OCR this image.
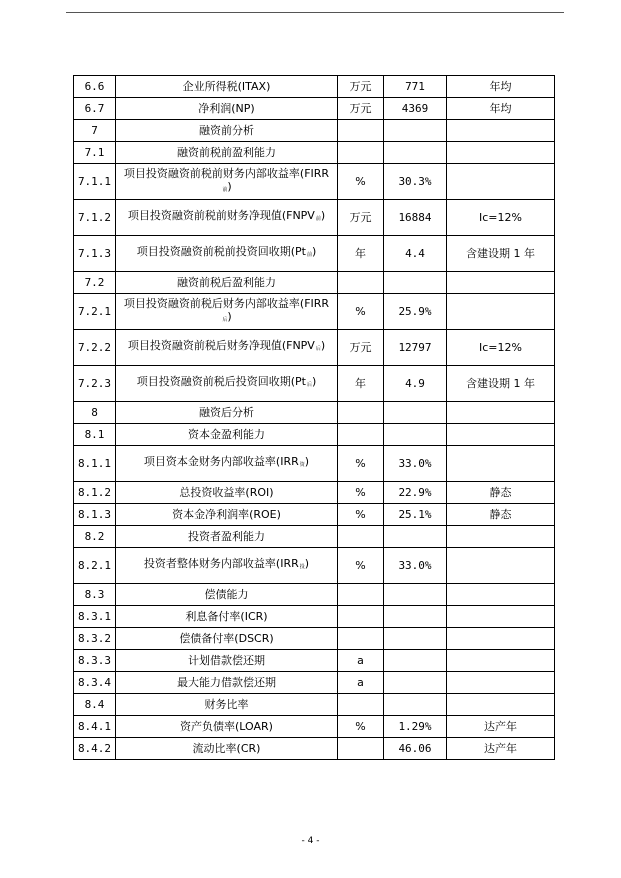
6.6	企业所得税(ITAX)	万元	771	年均
6.7	净利润(NP)	万元	4369	年均
7	融资前分析			
7.1	融资前税前盈利能力			
7.1.1	项目投资融资前税前财务内部收益率$(FIRR_前)$	%	30.3%	
7.1.2	项目投资融资前税前财务净现值$(FNPV_前)$	万元	16884	Ic=12%
7.1.3	项目投资融资前税前投资回收期$(Pt_前)$	年	4.4	含建设期 1 年
7.2	融资前税后盈利能力			
7.2.1	项目投资融资前税后财务内部收益率$(FIRR_后)$	%	25.9%	
7.2.2	项目投资融资前税后财务净现值$(FNPV_后)$	万元	12797	Ic=12%
7.2.3	项目投资融资前税后投资回收期$(Pt_后)$	年	4.9	含建设期 1 年
8	融资后分析			
8.1	资本金盈利能力			
8.1.1	项目资本金财务内部收益率$(IRR_资)$	%	33.0%	
8.1.2	总投资收益率(ROI)	%	22.9%	静态
8.1.3	资本金净利润率(ROE)	%	25.1%	静态
8.2	投资者盈利能力			
8.2.1	投资者整体财务内部收益率$(IRR_投)$	%	33.0%	
8.3	偿债能力			
8.3.1	利息备付率(ICR)			
8.3.2	偿债备付率(DSCR)			
8.3.3	计划借款偿还期	a		
8.3.4	最大能力借款偿还期	a		
8.4	财务比率			
8.4.1	资产负债率(LOAR)	%	1.29%	达产年
8.4.2	流动比率(CR)		46.06	达产年
- 4 -
